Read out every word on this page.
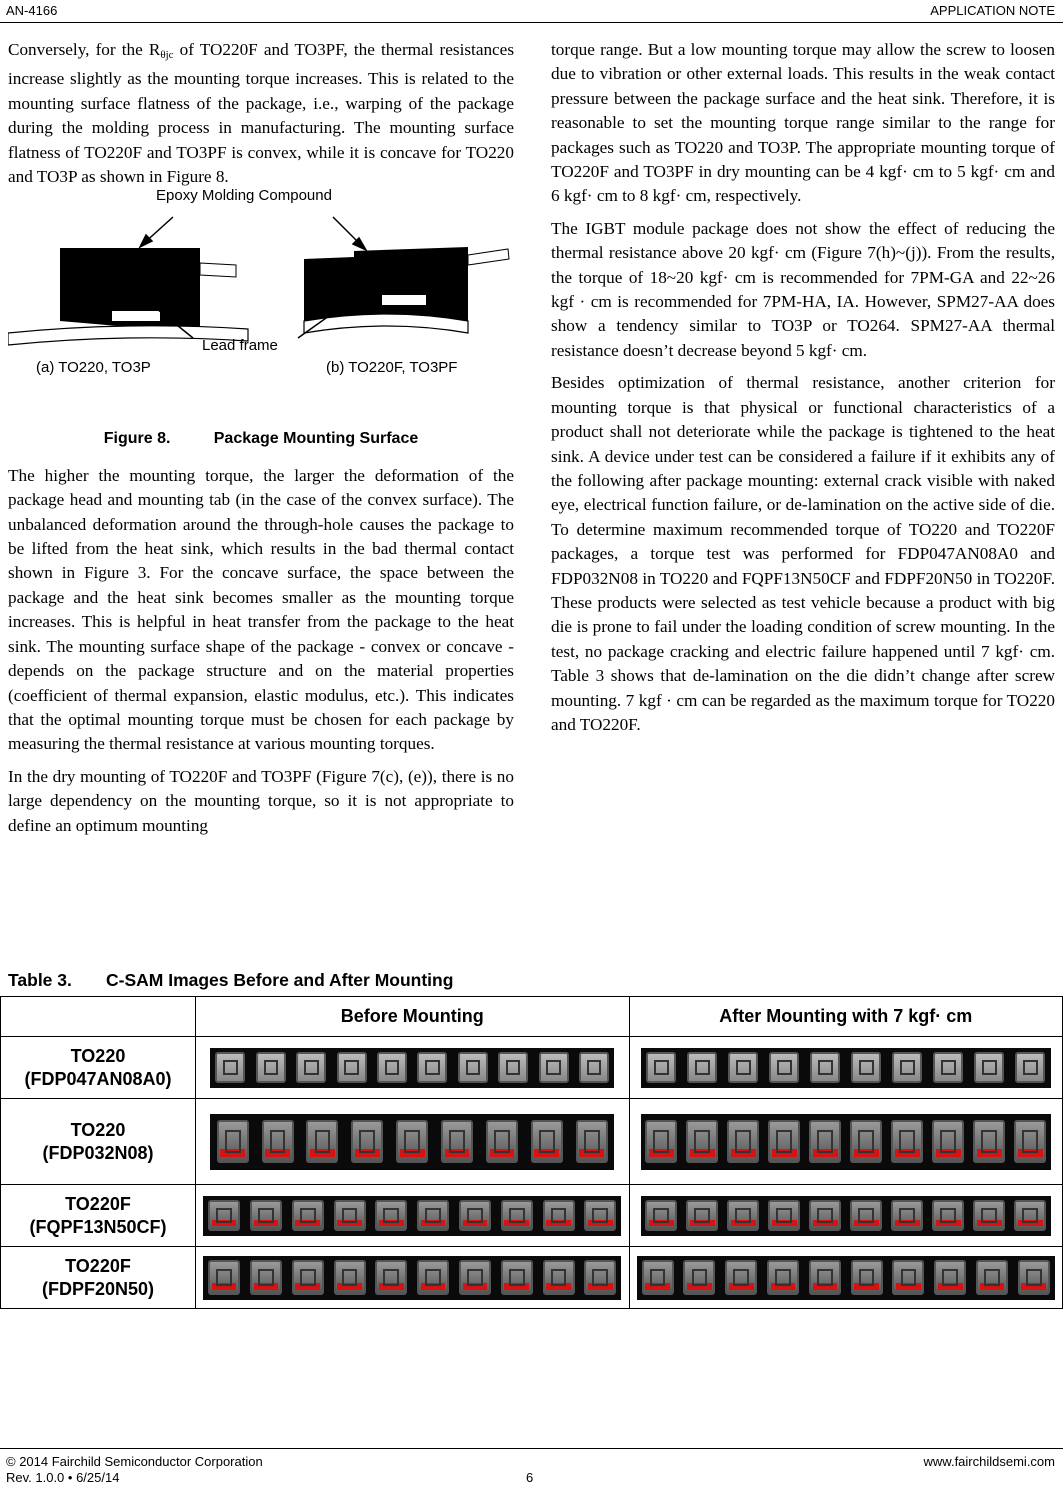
AN-4166	APPLICATION NOTE

Conversely, for the $R_{\theta jc}$ of TO220F and TO3PF, the thermal resistances increase slightly as the mounting torque increases. This is related to the mounting surface flatness of the package, i.e., warping of the package during the molding process in manufacturing. The mounting surface flatness of TO220F and TO3PF is convex, while it is concave for TO220 and TO3P as shown in Figure 8.

Epoxy Molding Compound
Lead frame
(a) TO220, TO3P	(b) TO220F, TO3PF
Figure 8.	Package Mounting Surface

The higher the mounting torque, the larger the deformation of the package head and mounting tab (in the case of the convex surface). The unbalanced deformation around the through-hole causes the package to be lifted from the heat sink, which results in the bad thermal contact shown in Figure 3. For the concave surface, the space between the package and the heat sink becomes smaller as the mounting torque increases. This is helpful in heat transfer from the package to the heat sink. The mounting surface shape of the package - convex or concave - depends on the package structure and on the material properties (coefficient of thermal expansion, elastic modulus, etc.). This indicates that the optimal mounting torque must be chosen for each package by measuring the thermal resistance at various mounting torques.

In the dry mounting of TO220F and TO3PF (Figure 7(c), (e)), there is no large dependency on the mounting torque, so it is not appropriate to define an optimum mounting

torque range. But a low mounting torque may allow the screw to loosen due to vibration or other external loads. This results in the weak contact pressure between the package surface and the heat sink. Therefore, it is reasonable to set the mounting torque range similar to the range for packages such as TO220 and TO3P. The appropriate mounting torque of TO220F and TO3PF in dry mounting can be 4 kgf· cm to 5 kgf· cm and 6 kgf· cm to 8 kgf· cm, respectively.

The IGBT module package does not show the effect of reducing the thermal resistance above 20 kgf· cm (Figure 7(h)~(j)). From the results, the torque of 18~20 kgf· cm is recommended for 7PM-GA and 22~26 kgf · cm is recommended for 7PM-HA, IA. However, SPM27-AA does show a tendency similar to TO3P or TO264. SPM27-AA thermal resistance doesn’t decrease beyond 5 kgf· cm.

Besides optimization of thermal resistance, another criterion for mounting torque is that physical or functional characteristics of a product shall not deteriorate while the package is tightened to the heat sink. A device under test can be considered a failure if it exhibits any of the following after package mounting: external crack visible with naked eye, electrical function failure, or de-lamination on the active side of die. To determine maximum recommended torque of TO220 and TO220F packages, a torque test was performed for FDP047AN08A0 and FDP032N08 in TO220 and FQPF13N50CF and FDPF20N50 in TO220F. These products were selected as test vehicle because a product with big die is prone to fail under the loading condition of screw mounting. In the test, no package cracking and electric failure happened until 7 kgf· cm. Table 3 shows that de-lamination on the die didn’t change after screw mounting. 7 kgf · cm can be regarded as the maximum torque for TO220 and TO220F.

Table 3. C-SAM Images Before and After Mounting
	Before Mounting	After Mounting with 7 kgf· cm

TO220
(FDP047AN08A0)		

TO220
(FDP032N08)		

TO220F
(FQPF13N50CF)		

TO220F
(FDPF20N50)		

© 2014 Fairchild Semiconductor Corporation
Rev. 1.0.0 • 6/25/14	6
www.fairchildsemi.com
